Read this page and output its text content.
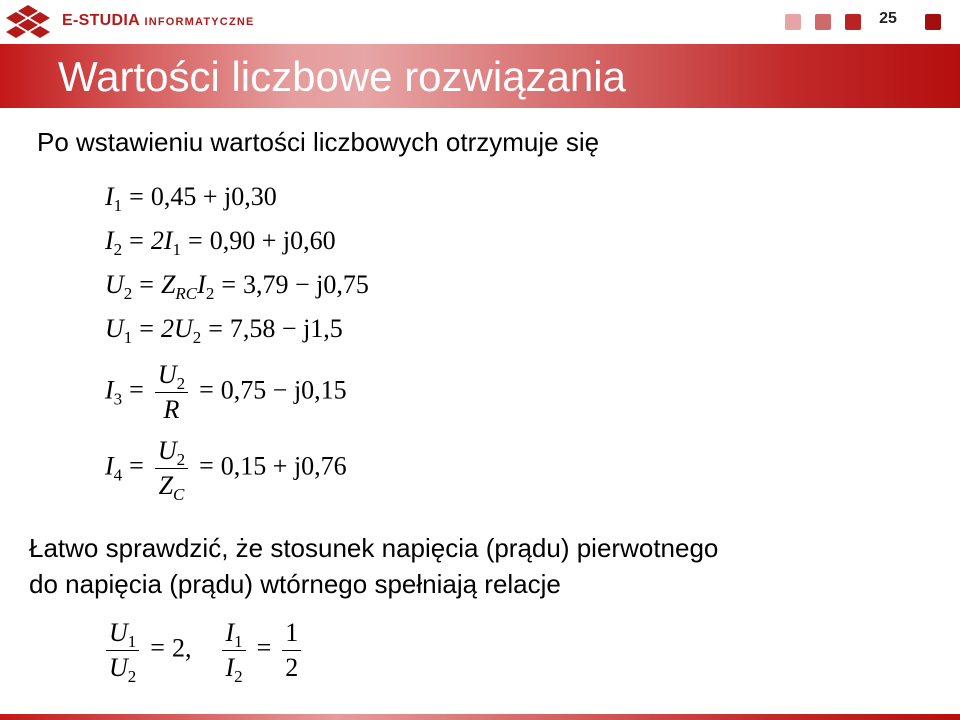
E-STUDIA INFORMATYCZNE	25
Wartości liczbowe rozwiązania
Po wstawieniu wartości liczbowych otrzymuje się
$I_1 = 0,45 + j0,30$
$I_2 = 2I_1 = 0,90 + j0,60$
$U_2 = Z_{RC}I_2 = 3,79 - j0,75$
$U_1 = 2U_2 = 7,58 - j1,5$
$I_3 = \frac{U_2}{R} = 0,75 - j0,15$
$I_4 = \frac{U_2}{Z_C} = 0,15 + j0,76$
Łatwo sprawdzić, że stosunek napięcia (prądu) pierwotnego
do napięcia (prądu) wtórnego spełniają relacje
$\frac{U_1}{U_2} = 2$, $\frac{I_1}{I_2} = \frac{1}{2}$
